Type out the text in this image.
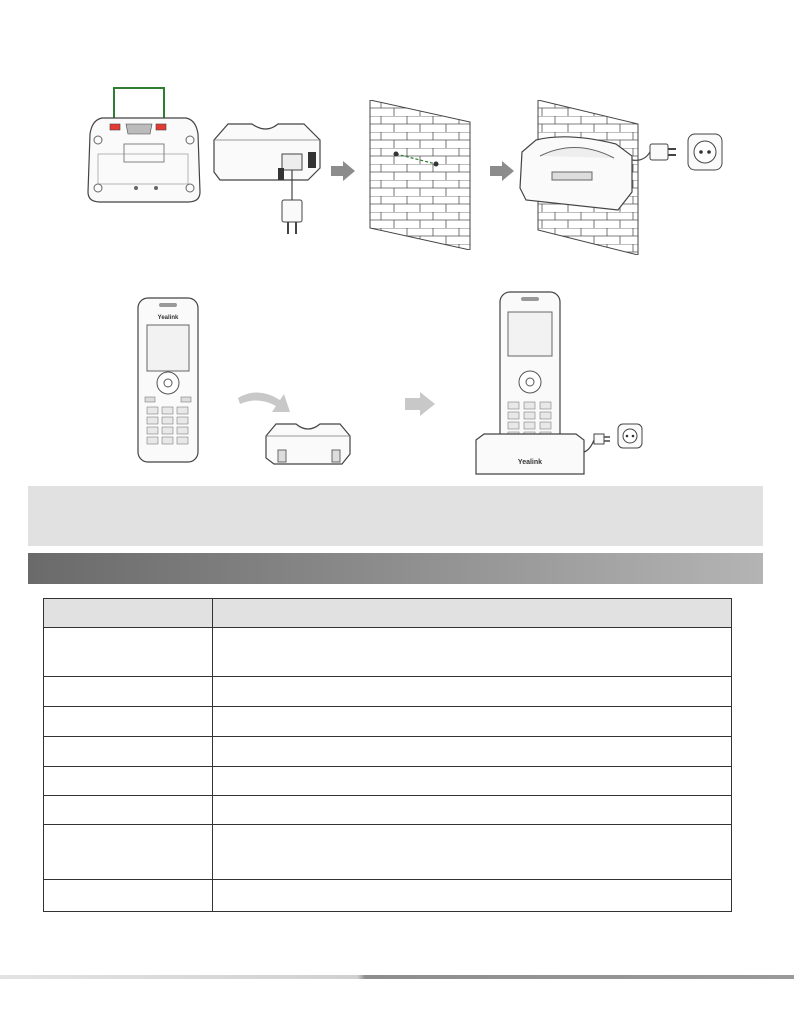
Yealink
Yealink
